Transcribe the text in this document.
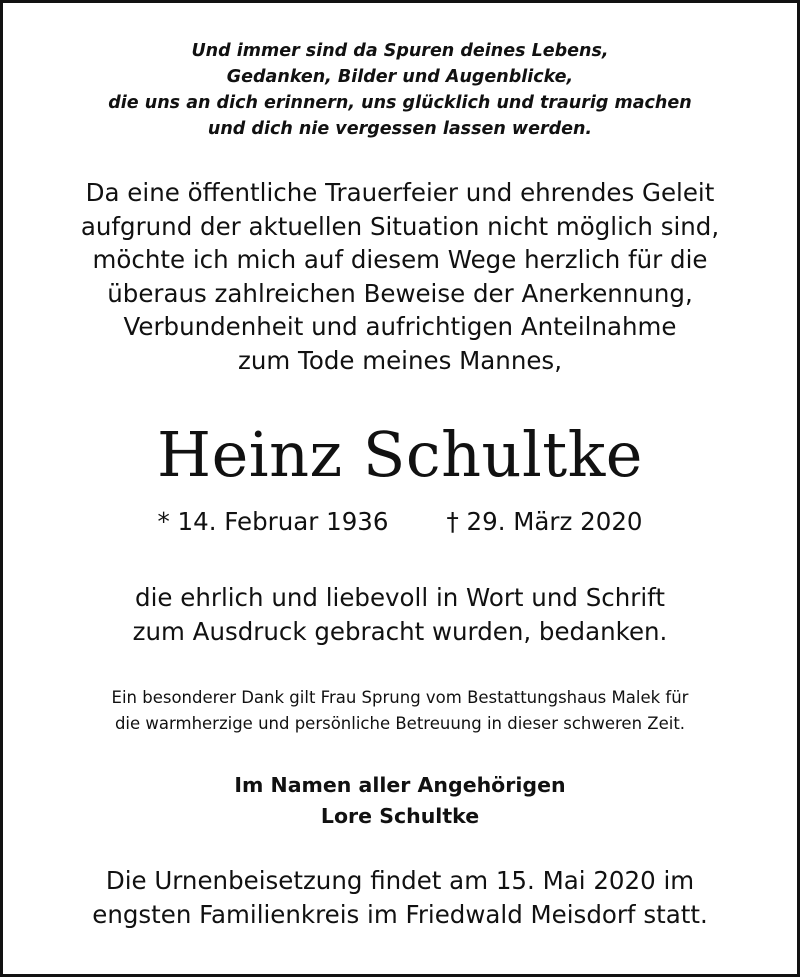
Und immer sind da Spuren deines Lebens,
Gedanken, Bilder und Augenblicke,
die uns an dich erinnern, uns glücklich und traurig machen
und dich nie vergessen lassen werden.
Da eine öffentliche Trauerfeier und ehrendes Geleit
aufgrund der aktuellen Situation nicht möglich sind,
möchte ich mich auf diesem Wege herzlich für die
überaus zahlreichen Beweise der Anerkennung,
Verbundenheit und aufrichtigen Anteilnahme
zum Tode meines Mannes,
Heinz Schultke
* 14. Februar 1936 † 29. März 2020
die ehrlich und liebevoll in Wort und Schrift
zum Ausdruck gebracht wurden, bedanken.
Ein besonderer Dank gilt Frau Sprung vom Bestattungshaus Malek für
die warmherzige und persönliche Betreuung in dieser schweren Zeit.
Im Namen aller Angehörigen
Lore Schultke
Die Urnenbeisetzung findet am 15. Mai 2020 im
engsten Familienkreis im Friedwald Meisdorf statt.
